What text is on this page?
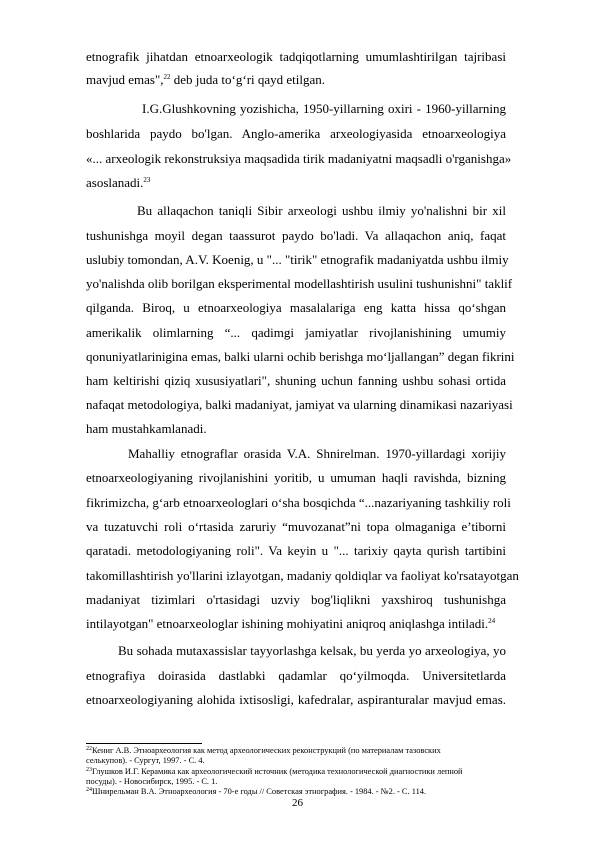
etnografik jihatdan etnoarxeologik tadqiqotlarning umumlashtirilgan tajribasi
mavjud emas",$^{22}$ deb juda to‘g‘ri qayd etilgan.
I.G.Glushkovning yozishicha, 1950-yillarning oxiri - 1960-yillarning
boshlarida paydo bo'lgan. Anglo-amerika arxeologiyasida etnoarxeologiya
«... arxeologik rekonstruksiya maqsadida tirik madaniyatni maqsadli o'rganishga»
asoslanadi.$^{23}$
Bu allaqachon taniqli Sibir arxeologi ushbu ilmiy yo'nalishni bir xil
tushunishga moyil degan taassurot paydo bo'ladi. Va allaqachon aniq, faqat
uslubiy tomondan, A.V. Koenig, u "... "tirik" etnografik madaniyatda ushbu ilmiy
yo'nalishda olib borilgan eksperimental modellashtirish usulini tushunishni" taklif
qilganda. Biroq, u etnoarxeologiya masalalariga eng katta hissa qo‘shgan
amerikalik olimlarning “... qadimgi jamiyatlar rivojlanishining umumiy
qonuniyatlarinigina emas, balki ularni ochib berishga mo‘ljallangan” degan fikrini
ham keltirishi qiziq xususiyatlari", shuning uchun fanning ushbu sohasi ortida
nafaqat metodologiya, balki madaniyat, jamiyat va ularning dinamikasi nazariyasi
ham mustahkamlanadi.
Mahalliy etnograflar orasida V.A. Shnirelman. 1970-yillardagi xorijiy
etnoarxeologiyaning rivojlanishini yoritib, u umuman haqli ravishda, bizning
fikrimizcha, g‘arb etnoarxeologlari o‘sha bosqichda “...nazariyaning tashkiliy roli
va tuzatuvchi roli o‘rtasida zaruriy “muvozanat”ni topa olmaganiga e’tiborni
qaratadi. metodologiyaning roli". Va keyin u "... tarixiy qayta qurish tartibini
takomillashtirish yo'llarini izlayotgan, madaniy qoldiqlar va faoliyat ko'rsatayotgan
madaniyat tizimlari o'rtasidagi uzviy bog'liqlikni yaxshiroq tushunishga
intilayotgan" etnoarxeologlar ishining mohiyatini aniqroq aniqlashga intiladi.$^{24}$
Bu sohada mutaxassislar tayyorlashga kelsak, bu yerda yo arxeologiya, yo
etnografiya doirasida dastlabki qadamlar qo‘yilmoqda. Universitetlarda
etnoarxeologiyaning alohida ixtisosligi, kafedralar, aspiranturalar mavjud emas.
$^{22}$Кениг А.В. Этноархеология как метод археологических реконструкций (по материалам тазовских
селькупов). - Сургут, 1997. - С. 4.
$^{23}$Глушков И.Г. Керамика как археологический источник (методика технологической диагностики лепной
посуды). - Новосибирск, 1995. - С. 1.
$^{24}$Шнирельман В.А. Этноархеология - 70-е годы // Советская этнография. - 1984. - №2. - С. 114.
26
